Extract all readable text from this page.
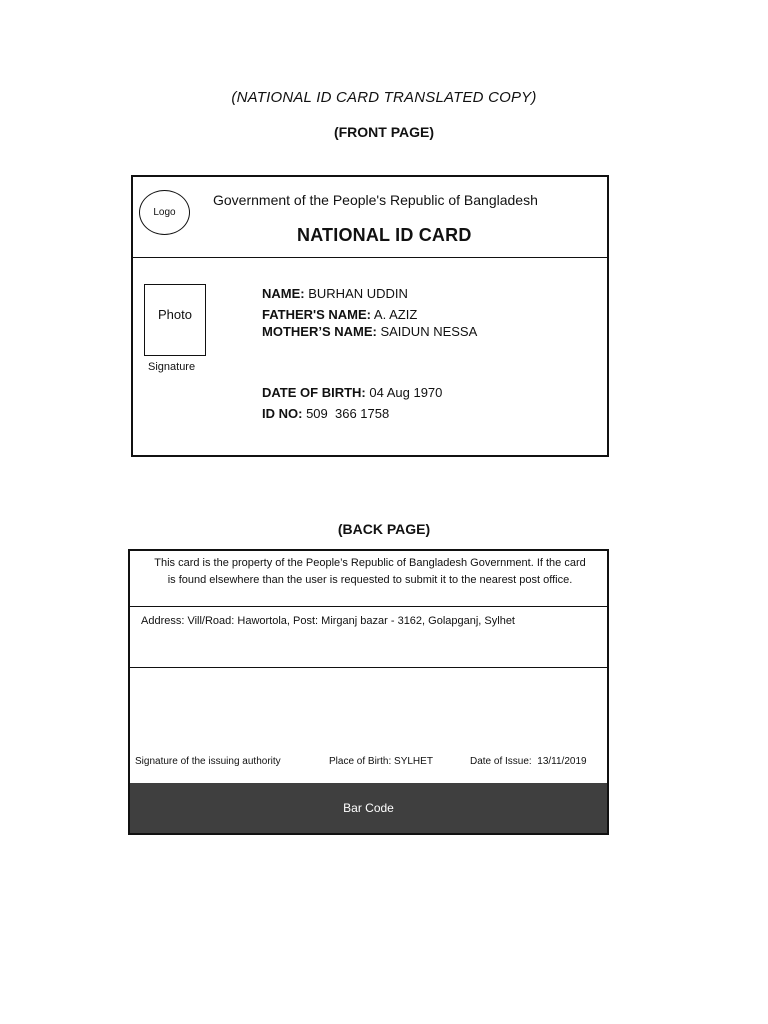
(NATIONAL ID CARD TRANSLATED COPY)
(FRONT PAGE)
Logo
Government of the People's Republic of Bangladesh
NATIONAL ID CARD
Photo
Signature
NAME: BURHAN UDDIN
FATHER'S NAME: A. AZIZ
MOTHER’S NAME: SAIDUN NESSA
DATE OF BIRTH: 04 Aug 1970
ID NO: 509  366 1758
(BACK PAGE)
This card is the property of the People’s Republic of Bangladesh Government. If the card
is found elsewhere than the user is requested to submit it to the nearest post office.
Address: Vill/Road: Hawortola, Post: Mirganj bazar - 3162, Golapganj, Sylhet
Signature of the issuing authority	Place of Birth: SYLHET	Date of Issue:  13/11/2019
Bar Code
